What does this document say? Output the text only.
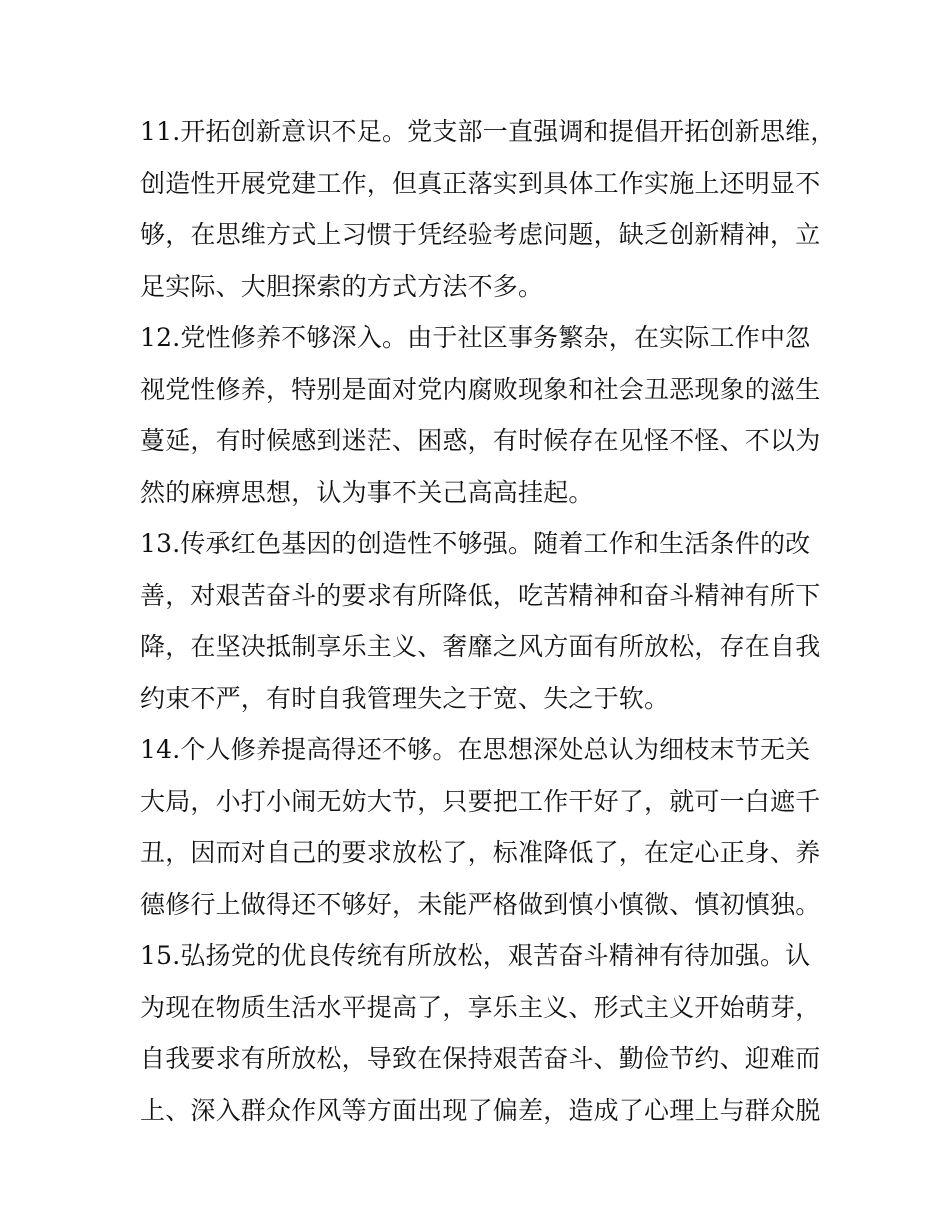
11.开拓创新意识不足。党支部一直强调和提倡开拓创新思维，
创造性开展党建工作，但真正落实到具体工作实施上还明显不
够，在思维方式上习惯于凭经验考虑问题，缺乏创新精神，立
足实际、大胆探索的方式方法不多。
12.党性修养不够深入。由于社区事务繁杂，在实际工作中忽
视党性修养，特别是面对党内腐败现象和社会丑恶现象的滋生
蔓延，有时候感到迷茫、困惑，有时候存在见怪不怪、不以为
然的麻痹思想，认为事不关己高高挂起。
13.传承红色基因的创造性不够强。随着工作和生活条件的改
善，对艰苦奋斗的要求有所降低，吃苦精神和奋斗精神有所下
降，在坚决抵制享乐主义、奢靡之风方面有所放松，存在自我
约束不严，有时自我管理失之于宽、失之于软。
14.个人修养提高得还不够。在思想深处总认为细枝末节无关
大局，小打小闹无妨大节，只要把工作干好了，就可一白遮千
丑，因而对自己的要求放松了，标准降低了，在定心正身、养
德修行上做得还不够好，未能严格做到慎小慎微、慎初慎独。
15.弘扬党的优良传统有所放松，艰苦奋斗精神有待加强。认
为现在物质生活水平提高了，享乐主义、形式主义开始萌芽，
自我要求有所放松，导致在保持艰苦奋斗、勤俭节约、迎难而
上、深入群众作风等方面出现了偏差，造成了心理上与群众脱
